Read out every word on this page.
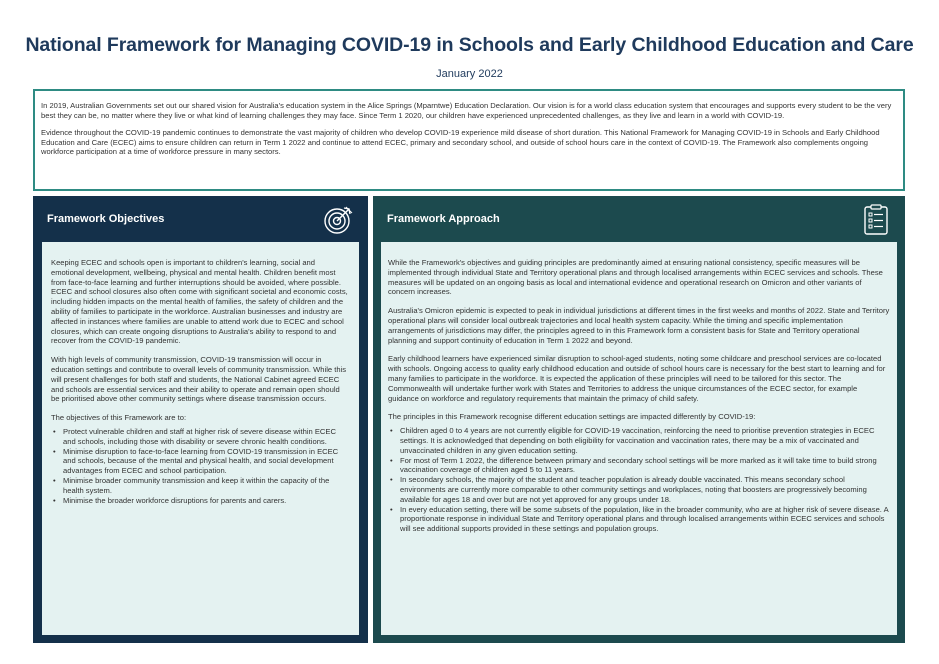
National Framework for Managing COVID-19 in Schools and Early Childhood Education and Care
January 2022

In 2019, Australian Governments set out our shared vision for Australia's education system in the Alice Springs (Mparntwe) Education Declaration. Our vision is for a world class education system that encourages and supports every student to be the very best they can be, no matter where they live or what kind of learning challenges they may face. Since Term 1 2020, our children have experienced unprecedented challenges, as they live and learn in a world with COVID-19.

Evidence throughout the COVID-19 pandemic continues to demonstrate the vast majority of children who develop COVID-19 experience mild disease of short duration. This National Framework for Managing COVID-19 in Schools and Early Childhood Education and Care (ECEC) aims to ensure children can return in Term 1 2022 and continue to attend ECEC, primary and secondary school, and outside of school hours care in the context of COVID-19. The Framework also complements ongoing workforce participation at a time of workforce pressure in many sectors.

Framework Objectives

Keeping ECEC and schools open is important to children's learning, social and emotional development, wellbeing, physical and mental health. Children benefit most from face-to-face learning and further interruptions should be avoided, where possible. ECEC and school closures also often come with significant societal and economic costs, including hidden impacts on the mental health of families, the safety of children and the ability of families to participate in the workforce. Australian businesses and industry are affected in instances where families are unable to attend work due to ECEC and school closures, which can create ongoing disruptions to Australia's ability to respond to and recover from the COVID-19 pandemic.

With high levels of community transmission, COVID-19 transmission will occur in education settings and contribute to overall levels of community transmission. While this will present challenges for both staff and students, the National Cabinet agreed ECEC and schools are essential services and their ability to operate and remain open should be prioritised above other community settings where disease transmission occurs.

The objectives of this Framework are to:

• Protect vulnerable children and staff at higher risk of severe disease within ECEC and schools, including those with disability or severe chronic health conditions.
• Minimise disruption to face-to-face learning from COVID-19 transmission in ECEC and schools, because of the mental and physical health, and social development advantages from ECEC and school participation.
• Minimise broader community transmission and keep it within the capacity of the health system.
• Minimise the broader workforce disruptions for parents and carers.
Framework Approach

While the Framework's objectives and guiding principles are predominantly aimed at ensuring national consistency, specific measures will be implemented through individual State and Territory operational plans and through localised arrangements within ECEC services and schools. These measures will be updated on an ongoing basis as local and international evidence and operational research on Omicron and other variants of concern increases.

Australia's Omicron epidemic is expected to peak in individual jurisdictions at different times in the first weeks and months of 2022. State and Territory operational plans will consider local outbreak trajectories and local health system capacity. While the timing and specific implementation arrangements of jurisdictions may differ, the principles agreed to in this Framework form a consistent basis for State and Territory operational planning and support continuity of education in Term 1 2022 and beyond.

Early childhood learners have experienced similar disruption to school-aged students, noting some childcare and preschool services are co-located with schools. Ongoing access to quality early childhood education and outside of school hours care is necessary for the best start to learning and for many families to participate in the workforce. It is expected the application of these principles will need to be tailored for this sector. The Commonwealth will undertake further work with States and Territories to address the unique circumstances of the ECEC sector, for example guidance on workforce and regulatory requirements that maintain the primacy of child safety.

The principles in this Framework recognise different education settings are impacted differently by COVID-19:

• Children aged 0 to 4 years are not currently eligible for COVID-19 vaccination, reinforcing the need to prioritise prevention strategies in ECEC settings. It is acknowledged that depending on both eligibility for vaccination and vaccination rates, there may be a mix of vaccinated and unvaccinated children in any given education setting.
• For most of Term 1 2022, the difference between primary and secondary school settings will be more marked as it will take time to build strong vaccination coverage of children aged 5 to 11 years.
• In secondary schools, the majority of the student and teacher population is already double vaccinated. This means secondary school environments are currently more comparable to other community settings and workplaces, noting that boosters are progressively becoming available for ages 18 and over but are not yet approved for any groups under 18.
• In every education setting, there will be some subsets of the population, like in the broader community, who are at higher risk of severe disease. A proportionate response in individual State and Territory operational plans and through localised arrangements within ECEC services and schools will see additional supports provided in these settings and population groups.
